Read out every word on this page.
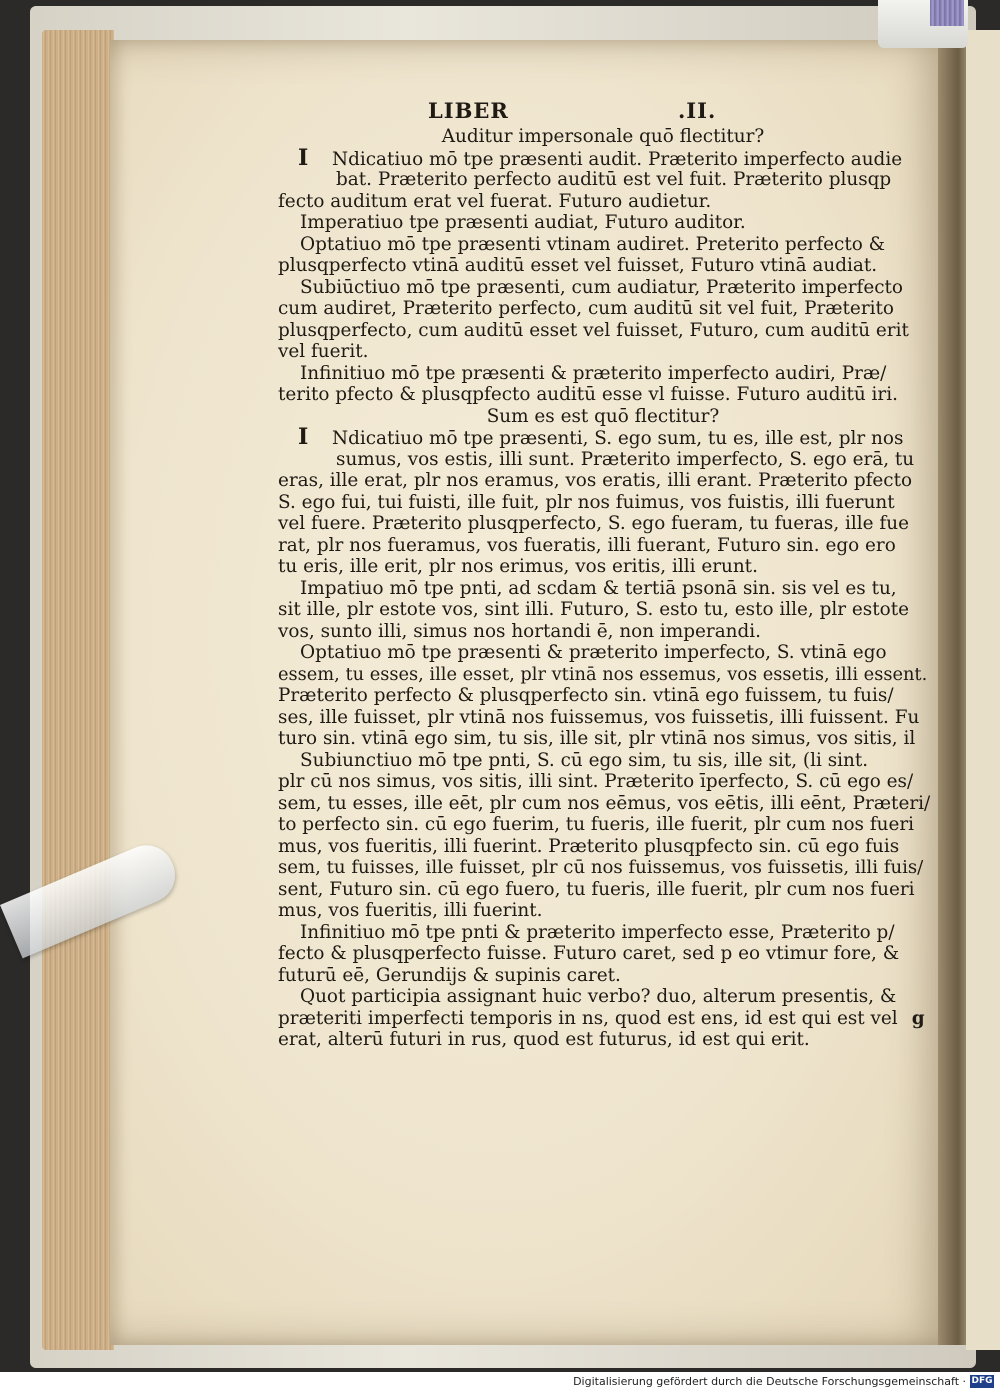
LIBER	.II.
Auditur impersonale quō flectitur?
I Ndicatiuo mō tpe præsenti audit. Præterito imperfecto audie
bat. Præterito perfecto auditū est vel fuit. Præterito plusqp
fecto auditum erat vel fuerat. Futuro audietur.
Imperatiuo tpe præsenti audiat, Futuro auditor.
Optatiuo mō tpe præsenti vtinam audiret. Preterito perfecto &
plusqperfecto vtinā auditū esset vel fuisset, Futuro vtinā audiat.
Subiūctiuo mō tpe præsenti, cum audiatur, Præterito imperfecto
cum audiret, Præterito perfecto, cum auditū sit vel fuit, Præterito
plusqperfecto, cum auditū esset vel fuisset, Futuro, cum auditū erit
vel fuerit.
Infinitiuo mō tpe præsenti & præterito imperfecto audiri, Præ/
terito pfecto & plusqpfecto auditū esse vl fuisse. Futuro auditū iri.
Sum es est quō flectitur?
I Ndicatiuo mō tpe præsenti, S. ego sum, tu es, ille est, plr nos
sumus, vos estis, illi sunt. Præterito imperfecto, S. ego erā, tu
eras, ille erat, plr nos eramus, vos eratis, illi erant. Præterito pfecto
S. ego fui, tui fuisti, ille fuit, plr nos fuimus, vos fuistis, illi fuerunt
vel fuere. Præterito plusqperfecto, S. ego fueram, tu fueras, ille fue
rat, plr nos fueramus, vos fueratis, illi fuerant, Futuro sin. ego ero
tu eris, ille erit, plr nos erimus, vos eritis, illi erunt.
Impatiuo mō tpe pnti, ad scdam & tertiā psonā sin. sis vel es tu,
sit ille, plr estote vos, sint illi. Futuro, S. esto tu, esto ille, plr estote
vos, sunto illi, simus nos hortandi ē, non imperandi.
Optatiuo mō tpe præsenti & præterito imperfecto, S. vtinā ego
essem, tu esses, ille esset, plr vtinā nos essemus, vos essetis, illi essent.
Præterito perfecto & plusqperfecto sin. vtinā ego fuissem, tu fuis/
ses, ille fuisset, plr vtinā nos fuissemus, vos fuissetis, illi fuissent. Fu
turo sin. vtinā ego sim, tu sis, ille sit, plr vtinā nos simus, vos sitis, il
Subiunctiuo mō tpe pnti, S. cū ego sim, tu sis, ille sit, (li sint.
plr cū nos simus, vos sitis, illi sint. Præterito īperfecto, S. cū ego es/
sem, tu esses, ille eēt, plr cum nos eēmus, vos eētis, illi eēnt, Præteri/
to perfecto sin. cū ego fuerim, tu fueris, ille fuerit, plr cum nos fueri
mus, vos fueritis, illi fuerint. Præterito plusqpfecto sin. cū ego fuis
sem, tu fuisses, ille fuisset, plr cū nos fuissemus, vos fuissetis, illi fuis/
sent, Futuro sin. cū ego fuero, tu fueris, ille fuerit, plr cum nos fueri
mus, vos fueritis, illi fuerint.
Infinitiuo mō tpe pnti & præterito imperfecto esse, Præterito p/
fecto & plusqperfecto fuisse. Futuro caret, sed p eo vtimur fore, &
futurū eē, Gerundijs & supinis caret.
Quot participia assignant huic verbo? duo, alterum presentis, &
præteriti imperfecti temporis in ns, quod est ens, id est qui est vel g
erat, alterū futuri in rus, quod est futurus, id est qui erit.
Digitalisierung gefördert durch die Deutsche Forschungsgemeinschaft · DFG
